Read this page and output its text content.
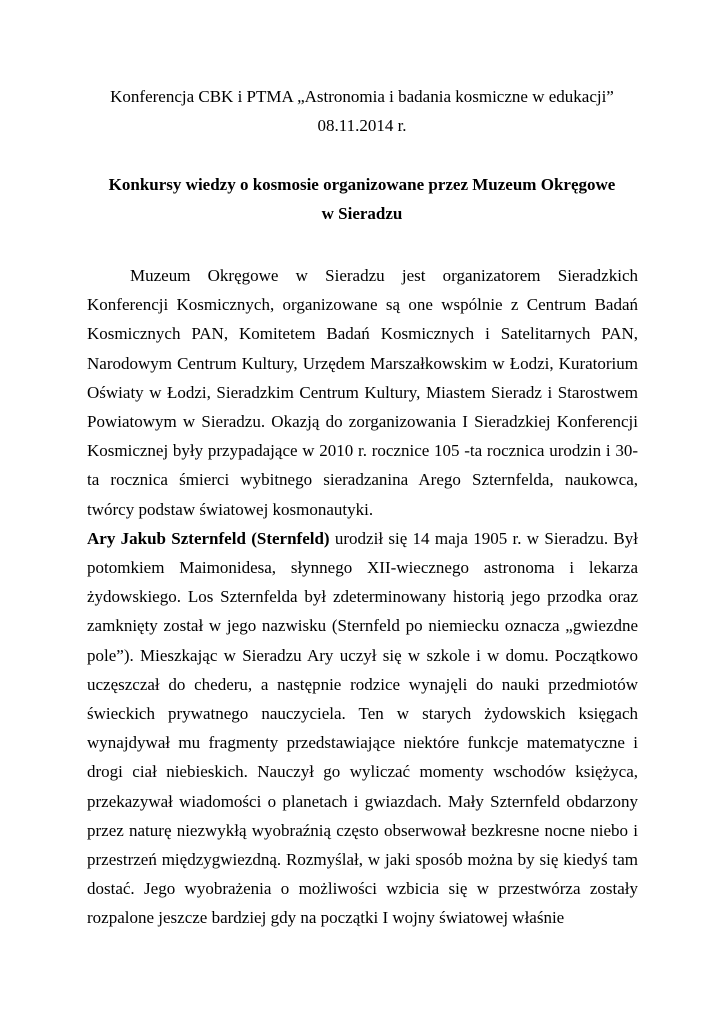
Konferencja CBK i PTMA „Astronomia i badania kosmiczne w edukacji”
08.11.2014 r.
Konkursy wiedzy o kosmosie organizowane przez Muzeum Okręgowe
w Sieradzu

Muzeum Okręgowe w Sieradzu jest organizatorem Sieradzkich Konferencji Kosmicznych, organizowane są one wspólnie z Centrum Badań Kosmicznych PAN, Komitetem Badań Kosmicznych i Satelitarnych PAN, Narodowym Centrum Kultury, Urzędem Marszałkowskim w Łodzi, Kuratorium Oświaty w Łodzi, Sieradzkim Centrum Kultury, Miastem Sieradz i Starostwem Powiatowym w Sieradzu. Okazją do zorganizowania I Sieradzkiej Konferencji Kosmicznej były przypadające w 2010 r. rocznice 105 -ta rocznica urodzin i 30-ta rocznica śmierci wybitnego sieradzanina Arego Szternfelda, naukowca, twórcy podstaw światowej kosmonautyki.

Ary Jakub Szternfeld (Sternfeld) urodził się 14 maja 1905 r. w Sieradzu. Był potomkiem Maimonidesa, słynnego XII-wiecznego astronoma i lekarza żydowskiego. Los Szternfelda był zdeterminowany historią jego przodka oraz zamknięty został w jego nazwisku (Sternfeld po niemiecku oznacza „gwiezdne pole”). Mieszkając w Sieradzu Ary uczył się w szkole i w domu. Początkowo uczęszczał do chederu, a następnie rodzice wynajęli do nauki przedmiotów świeckich prywatnego nauczyciela. Ten w starych żydowskich księgach wynajdywał mu fragmenty przedstawiające niektóre funkcje matematyczne i drogi ciał niebieskich. Nauczył go wyliczać momenty wschodów księżyca, przekazywał wiadomości o planetach i gwiazdach. Mały Szternfeld obdarzony przez naturę niezwykłą wyobraźnią często obserwował bezkresne nocne niebo i przestrzeń międzygwiezdną. Rozmyślał, w jaki sposób można by się kiedyś tam dostać. Jego wyobrażenia o możliwości wzbicia się w przestwórza zostały rozpalone jeszcze bardziej gdy na początki I wojny światowej właśnie
